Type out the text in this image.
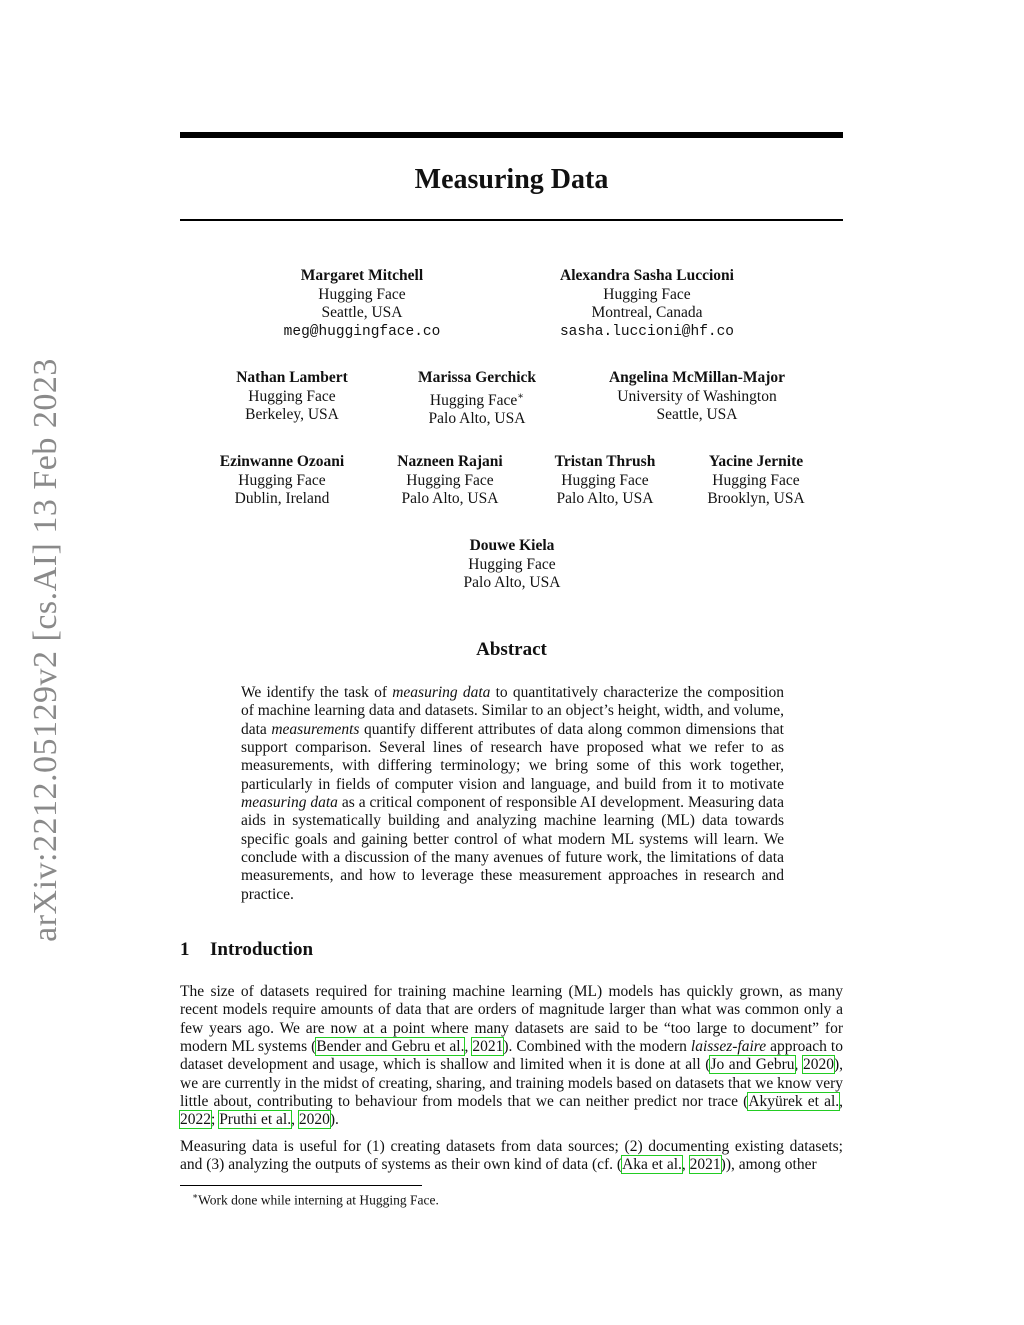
arXiv:2212.05129v2 [cs.AI] 13 Feb 2023
Measuring Data
Margaret Mitchell
Hugging Face
Seattle, USA
meg@huggingface.co
Alexandra Sasha Luccioni
Hugging Face
Montreal, Canada
sasha.luccioni@hf.co
Nathan Lambert
Hugging Face
Berkeley, USA
Marissa Gerchick
Hugging Face∗
Palo Alto, USA
Angelina McMillan-Major
University of Washington
Seattle, USA
Ezinwanne Ozoani
Hugging Face
Dublin, Ireland
Nazneen Rajani
Hugging Face
Palo Alto, USA
Tristan Thrush
Hugging Face
Palo Alto, USA
Yacine Jernite
Hugging Face
Brooklyn, USA
Douwe Kiela
Hugging Face
Palo Alto, USA
Abstract

We identify the task of measuring data to quantitatively characterize the composition of machine learning data and datasets. Similar to an object’s height, width, and volume, data measurements quantify different attributes of data along common dimensions that support comparison. Several lines of research have proposed what we refer to as measurements, with differing terminology; we bring some of this work together, particularly in fields of computer vision and language, and build from it to motivate measuring data as a critical component of responsible AI development. Measuring data aids in systematically building and analyzing machine learning (ML) data towards specific goals and gaining better control of what modern ML systems will learn. We conclude with a discussion of the many avenues of future work, the limitations of data measurements, and how to leverage these measurement approaches in research and practice.

1 Introduction

The size of datasets required for training machine learning (ML) models has quickly grown, as many recent models require amounts of data that are orders of magnitude larger than what was common only a few years ago. We are now at a point where many datasets are said to be “too large to document” for modern ML systems (Bender and Gebru et al., 2021). Combined with the modern laissez-faire approach to dataset development and usage, which is shallow and limited when it is done at all (Jo and Gebru, 2020), we are currently in the midst of creating, sharing, and training models based on datasets that we know very little about, contributing to behaviour from models that we can neither predict nor trace (Akyürek et al., 2022; Pruthi et al., 2020).

Measuring data is useful for (1) creating datasets from data sources; (2) documenting existing datasets; and (3) analyzing the outputs of systems as their own kind of data (cf. (Aka et al., 2021)), among other

∗Work done while interning at Hugging Face.
